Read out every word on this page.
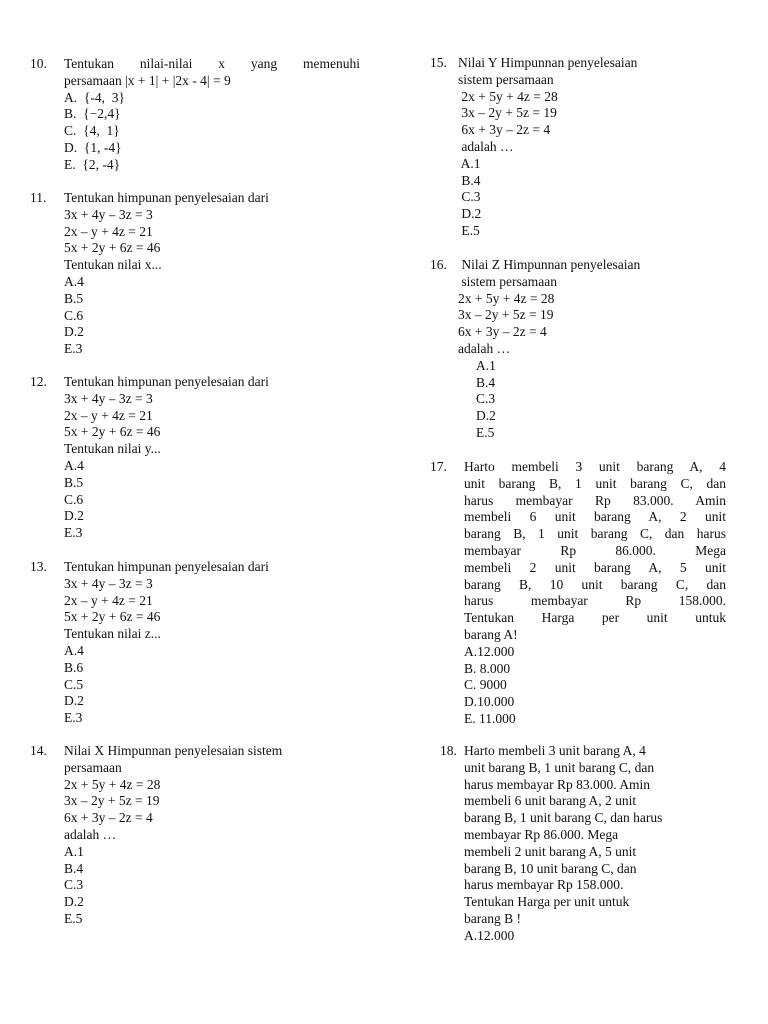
10. Tentukan nilai-nilai x yang memenuhi
persamaan |x + 1| + |2x - 4| = 9
A.  {-4,  3}
B.  {−2,4}
C.  {4,  1}
D.  {1, -4}
E.  {2, -4}
11. Tentukan himpunan penyelesaian dari
3x + 4y – 3z = 3
2x – y + 4z = 21
5x + 2y + 6z = 46
Tentukan nilai x...
A.4
B.5
C.6
D.2
E.3
12. Tentukan himpunan penyelesaian dari
3x + 4y – 3z = 3
2x – y + 4z = 21
5x + 2y + 6z = 46
Tentukan nilai y...
A.4
B.5
C.6
D.2
E.3
13. Tentukan himpunan penyelesaian dari
3x + 4y – 3z = 3
2x – y + 4z = 21
5x + 2y + 6z = 46
Tentukan nilai z...
A.4
B.6
C.5
D.2
E.3
14. Nilai X Himpunnan penyelesaian sistem
persamaan
2x + 5y + 4z = 28
3x – 2y + 5z = 19
6x + 3y – 2z = 4
adalah …
A.1
B.4
C.3
D.2
E.5
15. Nilai Y Himpunnan penyelesaian
sistem persamaan
2x + 5y + 4z = 28
3x – 2y + 5z = 19
6x + 3y – 2z = 4
adalah …
A.1
B.4
C.3
D.2
E.5
16. Nilai Z Himpunnan penyelesaian
sistem persamaan
2x + 5y + 4z = 28
3x – 2y + 5z = 19
6x + 3y – 2z = 4
adalah …
A.1
B.4
C.3
D.2
E.5
17. Harto membeli 3 unit barang A, 4
unit barang B, 1 unit barang C, dan
harus membayar Rp 83.000. Amin
membeli 6 unit barang A, 2 unit
barang B, 1 unit barang C, dan harus
membayar Rp 86.000. Mega
membeli 2 unit barang A, 5 unit
barang B, 10 unit barang C, dan
harus membayar Rp 158.000.
Tentukan Harga per unit untuk
barang A!
A.12.000
B. 8.000
C. 9000
D.10.000
E. 11.000
18. Harto membeli 3 unit barang A, 4
unit barang B, 1 unit barang C, dan
harus membayar Rp 83.000. Amin
membeli 6 unit barang A, 2 unit
barang B, 1 unit barang C, dan harus
membayar Rp 86.000. Mega
membeli 2 unit barang A, 5 unit
barang B, 10 unit barang C, dan
harus membayar Rp 158.000.
Tentukan Harga per unit untuk
barang B !
A.12.000
